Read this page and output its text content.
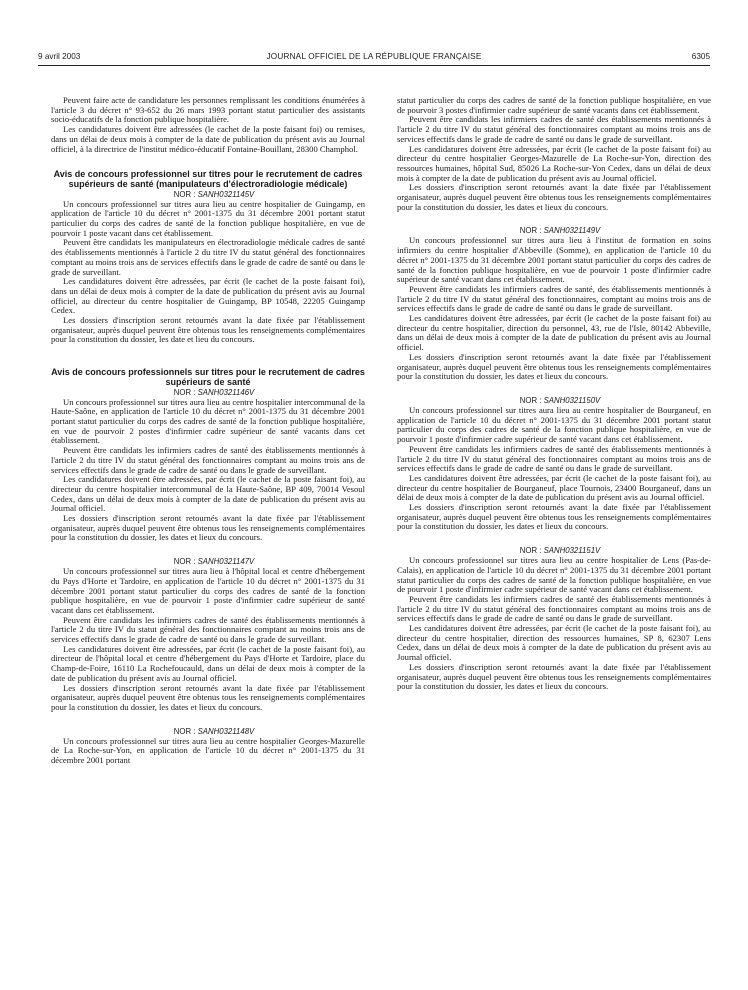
9 avril 2003	JOURNAL OFFICIEL DE LA RÉPUBLIQUE FRANÇAISE	6305

Peuvent faire acte de candidature les personnes remplissant les conditions énumérées à l'article 3 du décret n° 93-652 du 26 mars 1993 portant statut particulier des assistants socio-éducatifs de la fonction publique hospitalière.

Les candidatures doivent être adressées (le cachet de la poste faisant foi) ou remises, dans un délai de deux mois à compter de la date de publication du présent avis au Journal officiel, à la directrice de l'institut médico-éducatif Fontaine-Bouillant, 28300 Champhol.

Avis de concours professionnel sur titres pour le recrutement de cadres supérieurs de santé (manipulateurs d'électroradiologie médicale)

NOR : SANH0321145V

Un concours professionnel sur titres aura lieu au centre hospitalier de Guingamp, en application de l'article 10 du décret n° 2001-1375 du 31 décembre 2001 portant statut particulier du corps des cadres de santé de la fonction publique hospitalière, en vue de pourvoir 1 poste vacant dans cet établissement.

Peuvent être candidats les manipulateurs en électroradiologie médicale cadres de santé des établissements mentionnés à l'article 2 du titre IV du statut général des fonctionnaires comptant au moins trois ans de services effectifs dans le grade de cadre de santé ou dans le grade de surveillant.

Les candidatures doivent être adressées, par écrit (le cachet de la poste faisant foi), dans un délai de deux mois à compter de la date de publication du présent avis au Journal officiel, au directeur du centre hospitalier de Guingamp, BP 10548, 22205 Guingamp Cedex.

Les dossiers d'inscription seront retournés avant la date fixée par l'établissement organisateur, auprès duquel peuvent être obtenus tous les renseignements complémentaires pour la constitution du dossier, les date et lieu du concours.

Avis de concours professionnels sur titres pour le recrutement de cadres supérieurs de santé

NOR : SANH0321146V

Un concours professionnel sur titres aura lieu au centre hospitalier intercommunal de la Haute-Saône, en application de l'article 10 du décret n° 2001-1375 du 31 décembre 2001 portant statut particulier du corps des cadres de santé de la fonction publique hospitalière, en vue de pourvoir 2 postes d'infirmier cadre supérieur de santé vacants dans cet établissement.

Peuvent être candidats les infirmiers cadres de santé des établissements mentionnés à l'article 2 du titre IV du statut général des fonctionnaires comptant au moins trois ans de services effectifs dans le grade de cadre de santé ou dans le grade de surveillant.

Les candidatures doivent être adressées, par écrit (le cachet de la poste faisant foi), au directeur du centre hospitalier intercommunal de la Haute-Saône, BP 409, 70014 Vesoul Cedex, dans un délai de deux mois à compter de la date de publication du présent avis au Journal officiel.

Les dossiers d'inscription seront retournés avant la date fixée par l'établissement organisateur, auprès duquel peuvent être obtenus tous les renseignements complémentaires pour la constitution du dossier, les dates et lieux du concours.

NOR : SANH0321147V

Un concours professionnel sur titres aura lieu à l'hôpital local et centre d'hébergement du Pays d'Horte et Tardoire, en application de l'article 10 du décret n° 2001-1375 du 31 décembre 2001 portant statut particulier du corps des cadres de santé de la fonction publique hospitalière, en vue de pourvoir 1 poste d'infirmier cadre supérieur de santé vacant dans cet établissement.

Peuvent être candidats les infirmiers cadres de santé des établissements mentionnés à l'article 2 du titre IV du statut général des fonctionnaires comptant au moins trois ans de services effectifs dans le grade de cadre de santé ou dans le grade de surveillant.

Les candidatures doivent être adressées, par écrit (le cachet de la poste faisant foi), au directeur de l'hôpital local et centre d'hébergement du Pays d'Horte et Tardoire, place du Champ-de-Foire, 16110 La Rochefoucauld, dans un délai de deux mois à compter de la date de publication du présent avis au Journal officiel.

Les dossiers d'inscription seront retournés avant la date fixée par l'établissement organisateur, auprès duquel peuvent être obtenus tous les renseignements complémentaires pour la constitution du dossier, les dates et lieux du concours.

NOR : SANH0321148V

Un concours professionnel sur titres aura lieu au centre hospitalier Georges-Mazurelle de La Roche-sur-Yon, en application de l'article 10 du décret n° 2001-1375 du 31 décembre 2001 portant

statut particulier du corps des cadres de santé de la fonction publique hospitalière, en vue de pourvoir 3 postes d'infirmier cadre supérieur de santé vacants dans cet établissement.

Peuvent être candidats les infirmiers cadres de santé des établissements mentionnés à l'article 2 du titre IV du statut général des fonctionnaires comptant au moins trois ans de services effectifs dans le grade de cadre de santé ou dans le grade de surveillant.

Les candidatures doivent être adressées, par écrit (le cachet de la poste faisant foi) au directeur du centre hospitalier Georges-Mazurelle de La Roche-sur-Yon, direction des ressources humaines, hôpital Sud, 85026 La Roche-sur-Yon Cedex, dans un délai de deux mois à compter de la date de publication du présent avis au Journal officiel.

Les dossiers d'inscription seront retournés avant la date fixée par l'établissement organisateur, auprès duquel peuvent être obtenus tous les renseignements complémentaires pour la constitution du dossier, les dates et lieux du concours.

NOR : SANH0321149V

Un concours professionnel sur titres aura lieu à l'institut de formation en soins infirmiers du centre hospitalier d'Abbeville (Somme), en application de l'article 10 du décret n° 2001-1375 du 31 décembre 2001 portant statut particulier du corps des cadres de santé de la fonction publique hospitalière, en vue de pourvoir 1 poste d'infirmier cadre supérieur de santé vacant dans cet établissement.

Peuvent être candidats les infirmiers cadres de santé, des établissements mentionnés à l'article 2 du titre IV du statut général des fonctionnaires, comptant au moins trois ans de services effectifs dans le grade de cadre de santé ou dans le grade de surveillant.

Les candidatures doivent être adressées, par écrit (le cachet de la poste faisant foi) au directeur du centre hospitalier, direction du personnel, 43, rue de l'Isle, 80142 Abbeville, dans un délai de deux mois à compter de la date de publication du présent avis au Journal officiel.

Les dossiers d'inscription seront retournés avant la date fixée par l'établissement organisateur, auprès duquel peuvent être obtenus tous les renseignements complémentaires pour la constitution du dossier, les dates et lieux du concours.

NOR : SANH0321150V

Un concours professionnel sur titres aura lieu au centre hospitalier de Bourganeuf, en application de l'article 10 du décret n° 2001-1375 du 31 décembre 2001 portant statut particulier du corps des cadres de santé de la fonction publique hospitalière, en vue de pourvoir 1 poste d'infirmier cadre supérieur de santé vacant dans cet établissement.

Peuvent être candidats les infirmiers cadres de santé des établissements mentionnés à l'article 2 du titre IV du statut général des fonctionnaires comptant au moins trois ans de services effectifs dans le grade de cadre de santé ou dans le grade de surveillant.

Les candidatures doivent être adressées, par écrit (le cachet de la poste faisant foi), au directeur du centre hospitalier de Bourganeuf, place Tournois, 23400 Bourganeuf, dans un délai de deux mois à compter de la date de publication du présent avis au Journal officiel.

Les dossiers d'inscription seront retournés avant la date fixée par l'établissement organisateur, auprès duquel peuvent être obtenus tous les renseignements complémentaires pour la constitution du dossier, les dates et lieux du concours.

NOR : SANH0321151V

Un concours professionnel sur titres aura lieu au centre hospitalier de Lens (Pas-de-Calais), en application de l'article 10 du décret n° 2001-1375 du 31 décembre 2001 portant statut particulier du corps des cadres de santé de la fonction publique hospitalière, en vue de pourvoir 1 poste d'infirmier cadre supérieur de santé vacant dans cet établissement.

Peuvent être candidats les infirmiers cadres de santé des établissements mentionnés à l'article 2 du titre IV du statut général des fonctionnaires comptant au moins trois ans de services effectifs dans le grade de cadre de santé ou dans le grade de surveillant.

Les candidatures doivent être adressées, par écrit (le cachet de la poste faisant foi), au directeur du centre hospitalier, direction des ressources humaines, SP 8, 62307 Lens Cedex, dans un délai de deux mois à compter de la date de publication du présent avis au Journal officiel.

Les dossiers d'inscription seront retournés avant la date fixée par l'établissement organisateur, auprès duquel peuvent être obtenus tous les renseignements complémentaires pour la constitution du dossier, les dates et lieux du concours.
